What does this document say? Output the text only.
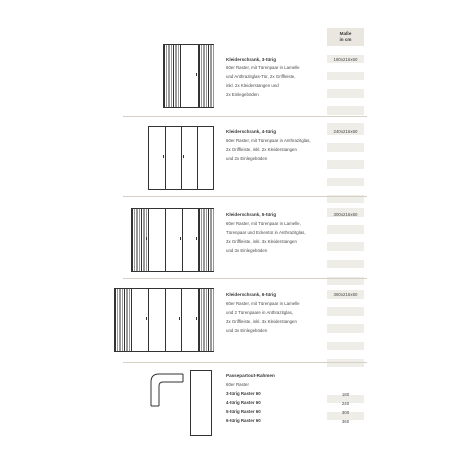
Maße
in cm
Kleiderschrank, 3-türig
60er Raster, mit Türenpaar in Lamelle
und Anthrazitglas-Tür, 2x Griffleiste,
inkl. 2x Kleiderstangen und
2x Einlegeböden
180x216x60
Kleiderschrank, 4-türig
60er Raster, mit Türenpaar in Anthrazitglas,
2x Griffleiste, inkl. 2x Kleiderstangen
und 2x Einlegeböden
240x216x60
Kleiderschrank, 5-türig
60er Raster, mit Türenpaar in Lamelle,
Türenpaar und Eckentür in Anthrazitglas,
3x Griffleiste, inkl. 3x Kleiderstangen
und 3x Einlegeböden
300x216x60
Kleiderschrank, 6-türig
60er Raster, mit Türenpaar in Lamelle
und 2 Türenpaare in Anthrazitglas,
3x Griffleiste, inkl. 3x Kleiderstangen
und 3x Einlegeböden
360x216x60
Passepartout-Rahmen
60er Raster
3-türig Raster 60
4-türig Raster 60
5-türig Raster 60
6-türig Raster 60
180
240
300
360
